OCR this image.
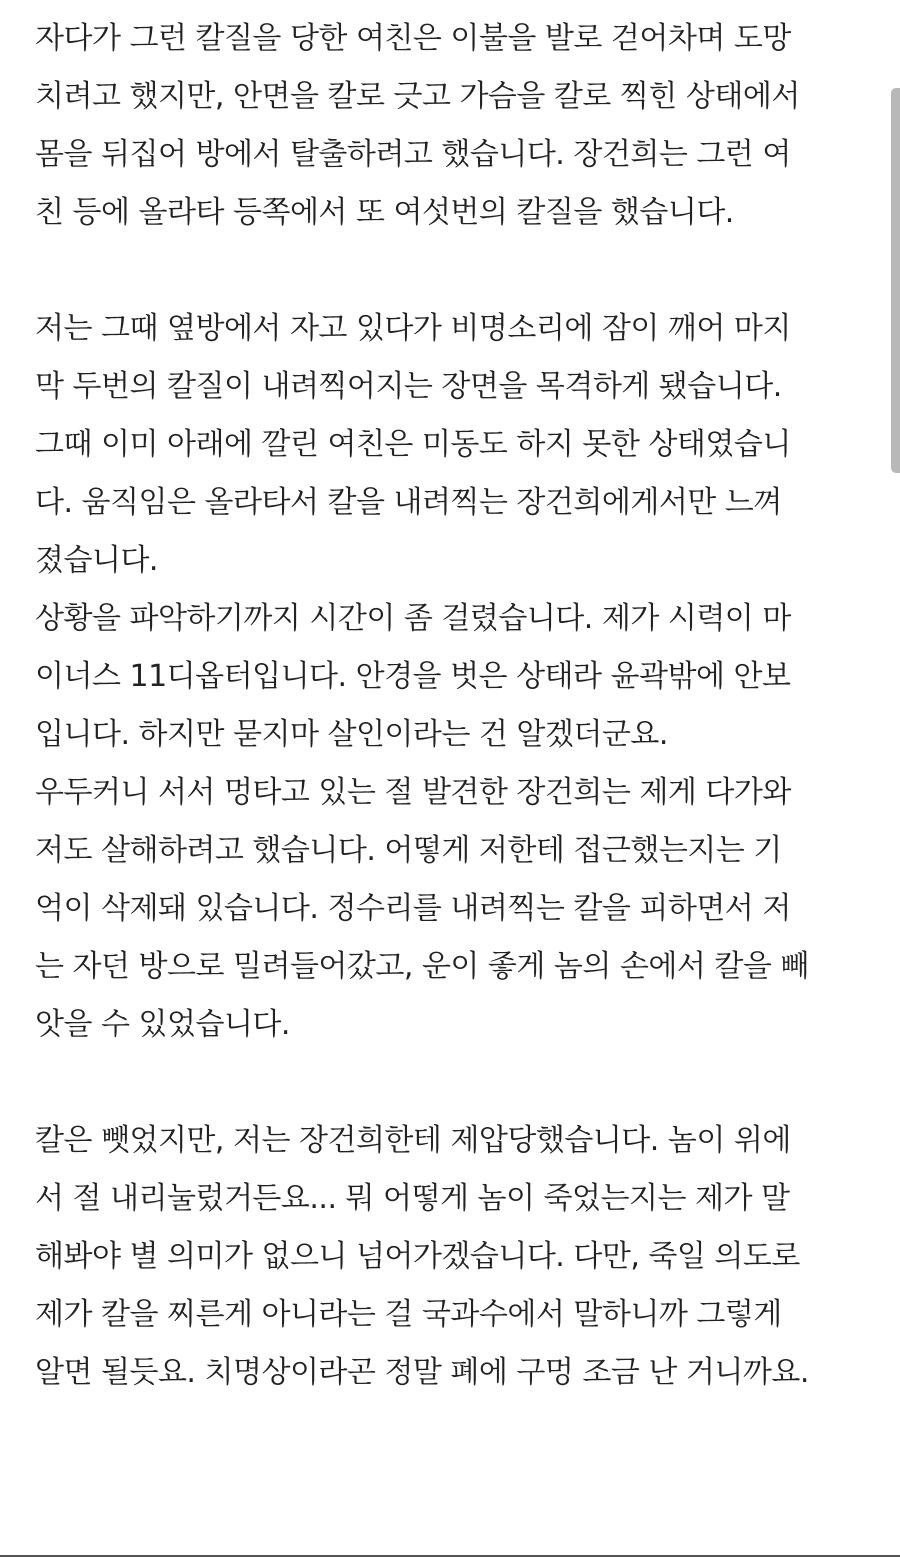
자다가 그런 칼질을 당한 여친은 이불을 발로 걷어차며 도망
치려고 했지만, 안면을 칼로 긋고 가슴을 칼로 찍힌 상태에서
몸을 뒤집어 방에서 탈출하려고 했습니다. 장건희는 그런 여
친 등에 올라타 등쪽에서 또 여섯번의 칼질을 했습니다.
저는 그때 옆방에서 자고 있다가 비명소리에 잠이 깨어 마지
막 두번의 칼질이 내려찍어지는 장면을 목격하게 됐습니다.
그때 이미 아래에 깔린 여친은 미동도 하지 못한 상태였습니
다. 움직임은 올라타서 칼을 내려찍는 장건희에게서만 느껴
졌습니다.
상황을 파악하기까지 시간이 좀 걸렸습니다. 제가 시력이 마
이너스 11디옵터입니다. 안경을 벗은 상태라 윤곽밖에 안보
입니다. 하지만 묻지마 살인이라는 건 알겠더군요.
우두커니 서서 멍타고 있는 절 발견한 장건희는 제게 다가와
저도 살해하려고 했습니다. 어떻게 저한테 접근했는지는 기
억이 삭제돼 있습니다. 정수리를 내려찍는 칼을 피하면서 저
는 자던 방으로 밀려들어갔고, 운이 좋게 놈의 손에서 칼을 빼
앗을 수 있었습니다.
칼은 뺏었지만, 저는 장건희한테 제압당했습니다. 놈이 위에
서 절 내리눌렀거든요... 뭐 어떻게 놈이 죽었는지는 제가 말
해봐야 별 의미가 없으니 넘어가겠습니다. 다만, 죽일 의도로
제가 칼을 찌른게 아니라는 걸 국과수에서 말하니까 그렇게
알면 될듯요. 치명상이라곤 정말 폐에 구멍 조금 난 거니까요.
